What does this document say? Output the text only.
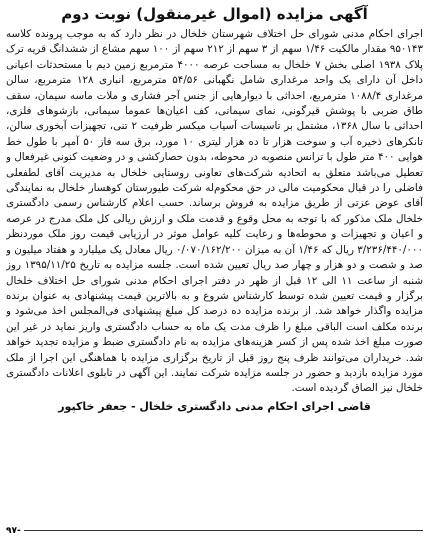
آگهی مزایده (اموال غیرمنقول) نوبت دوم

اجرای احکام مدنی شورای حل اختلاف شهرستان خلخال در نظر دارد که به موجب پرونده کلاسه ۹۵۰۱۴۳ مقدار مالکیت ۱/۴۶ سهم از ۳ سهم از ۲۱۲ سهم از ۱۰۰ سهم مشاع از ششدانگ قریه ترک پلاک ۱۹۳۸ اصلی بخش ۷ خلخال به مساحت عرصه ۴۰۰۰ مترمربع زمین دیم با مستحدثات اعیانی داخل آن دارای یک واحد مرغداری شامل نگهبانی ۵۴/۵۶ مترمربع، انباری ۱۲۸ مترمربع، سالن مرغداری ۱۰۸۸/۴ مترمربع، احداثی با دیوارهایی از جنس آجر فشاری و ملات ماسه سیمان، سقف طاق ضربی با پوشش قیرگونی، نمای سیمانی، کف اعیان‌ها عموما سیمانی، بازشوهای فلزی، احداثی با سال ۱۳۶۸، مشتمل بر تاسیسات آسیاب میکسر ظرفیت ۲ تنی، تجهیزات آبخوری سالن، تانکرهای ذخیره آب و سوخت هزار تا ده هزار لیتری ۱۰ مورد، برق سه فاز ۵۰ آمپر با طول خط هوایی ۴۰۰ متر طول با ترانس منصوبه در محوطه، بدون حصارکشی و در وضعیت کنونی غیرفعال و تعطیل می‌باشد متعلق به اتحادیه شرکت‌های تعاونی روستایی خلخال به مدیریت آقای لطفعلی فاضلی را در قبال محکومیت مالی در حق محکوم‌له شرکت طیورستان کوهسار خلخال به نمایندگی آقای عوض عزتی از طریق مزایده به فروش برساند. حسب اعلام کارشناس رسمی دادگستری خلخال ملک مذکور که با توجه به محل وقوع و قدمت ملک و ارزش ریالی کل ملک مدرج در عرصه و اعیان و تجهیزات و محوطه‌ها و رعایت کلیه عوامل موثر در ارزیابی قیمت روز ملک موردنظر ۳/۲۳۶/۴۴۰/۰۰۰ ریال که ۱/۴۶ آن به میزان ۰/۰۷۰/۱۶۲/۲۰۰ ریال معادل یک میلیارد و هفتاد میلیون و صد و شصت و دو هزار و چهار صد ریال تعیین شده است. جلسه مزایده به تاریخ ۱۳۹۵/۱۱/۲۵ روز شنبه از ساعت ۱۱ الی ۱۲ قبل از ظهر در دفتر اجرای احکام مدنی شورای حل اختلاف خلخال برگزار و قیمت تعیین شده توسط کارشناس شروع و به بالاترین قیمت پیشنهادی به عنوان برنده مزایده واگذار خواهد شد. از برنده مزایده ده درصد کل مبلغ پیشنهادی فی‌المجلس اخذ می‌شود و برنده مکلف است الباقی مبلغ را ظرف مدت یک ماه به حساب دادگستری واریز نماید در غیر این صورت مبلغ اخذ شده پس از کسر هزینه‌های مزایده به نام دادگستری ضبط و مزایده تجدید خواهد شد. خریداران می‌توانند ظرف پنج روز قبل از تاریخ برگزاری مزایده با هماهنگی این اجرا از ملک مورد مزایده بازدید و حضور در جلسه مزایده شرکت نمایند. این آگهی در تابلوی اعلانات دادگستری خلخال نیز الصاق گردیده است.

قاضی اجرای احکام مدنی دادگستری خلخال - جعفر خاکپور
۹۷-
